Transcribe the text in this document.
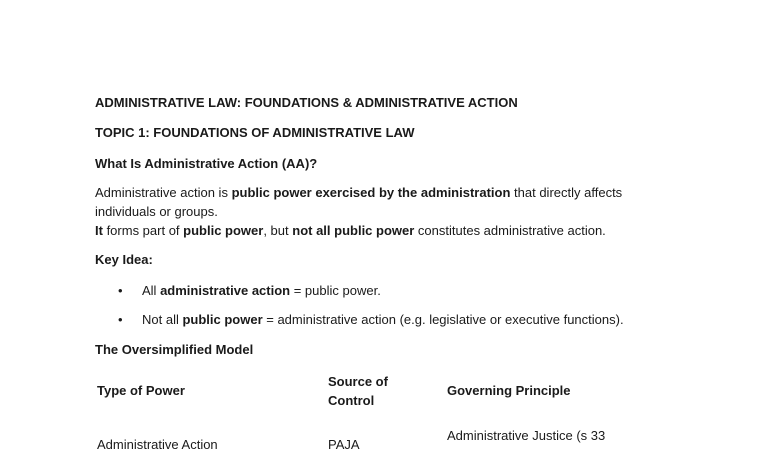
ADMINISTRATIVE LAW: FOUNDATIONS & ADMINISTRATIVE ACTION
TOPIC 1: FOUNDATIONS OF ADMINISTRATIVE LAW
What Is Administrative Action (AA)?
Administrative action is public power exercised by the administration that directly affects
individuals or groups.
It forms part of public power, but not all public power constitutes administrative action.
Key Idea:
• All administrative action = public power.
• Not all public power = administrative action (e.g. legislative or executive functions).
The Oversimplified Model
Type of Power
Source of
Control
Governing Principle
Administrative Action	PAJA
Administrative Justice (s 33
